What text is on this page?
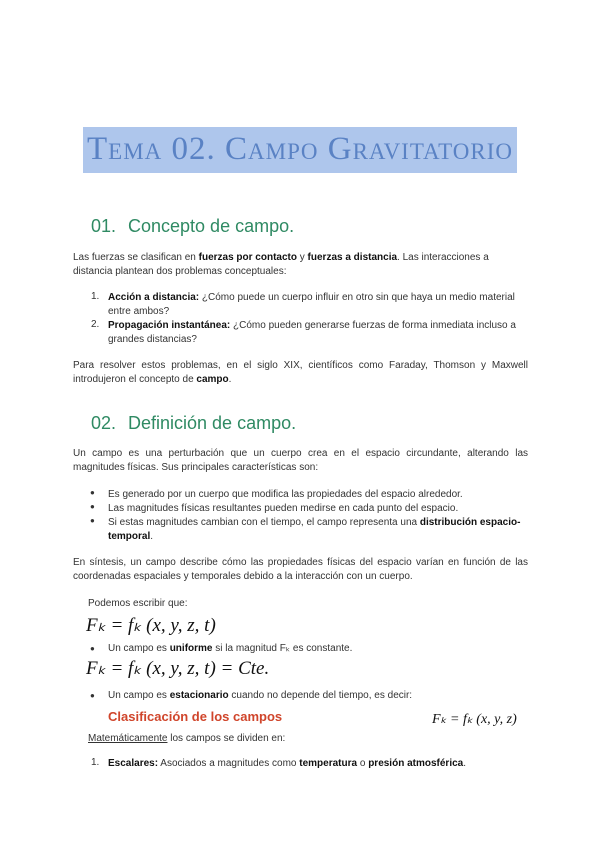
Tema 02. Campo Gravitatorio
01. Concepto de campo.
Las fuerzas se clasifican en fuerzas por contacto y fuerzas a distancia. Las interacciones a distancia plantean dos problemas conceptuales:
1. Acción a distancia: ¿Cómo puede un cuerpo influir en otro sin que haya un medio material entre ambos?
2. Propagación instantánea: ¿Cómo pueden generarse fuerzas de forma inmediata incluso a grandes distancias?
Para resolver estos problemas, en el siglo XIX, científicos como Faraday, Thomson y Maxwell introdujeron el concepto de campo.
02. Definición de campo.
Un campo es una perturbación que un cuerpo crea en el espacio circundante, alterando las magnitudes físicas. Sus principales características son:
● Es generado por un cuerpo que modifica las propiedades del espacio alrededor.
● Las magnitudes físicas resultantes pueden medirse en cada punto del espacio.
● Si estas magnitudes cambian con el tiempo, el campo representa una distribución espacio-temporal.
En síntesis, un campo describe cómo las propiedades físicas del espacio varían en función de las coordenadas espaciales y temporales debido a la interacción con un cuerpo.
Podemos escribir que:
Fₖ = fₖ (x, y, z, t)
● Un campo es uniforme si la magnitud Fₖ es constante.
Fₖ = fₖ (x, y, z, t) = Cte.
● Un campo es estacionario cuando no depende del tiempo, es decir:
Clasificación de los campos	Fₖ = fₖ (x, y, z)
Matemáticamente los campos se dividen en:
1. Escalares: Asociados a magnitudes como temperatura o presión atmosférica.
